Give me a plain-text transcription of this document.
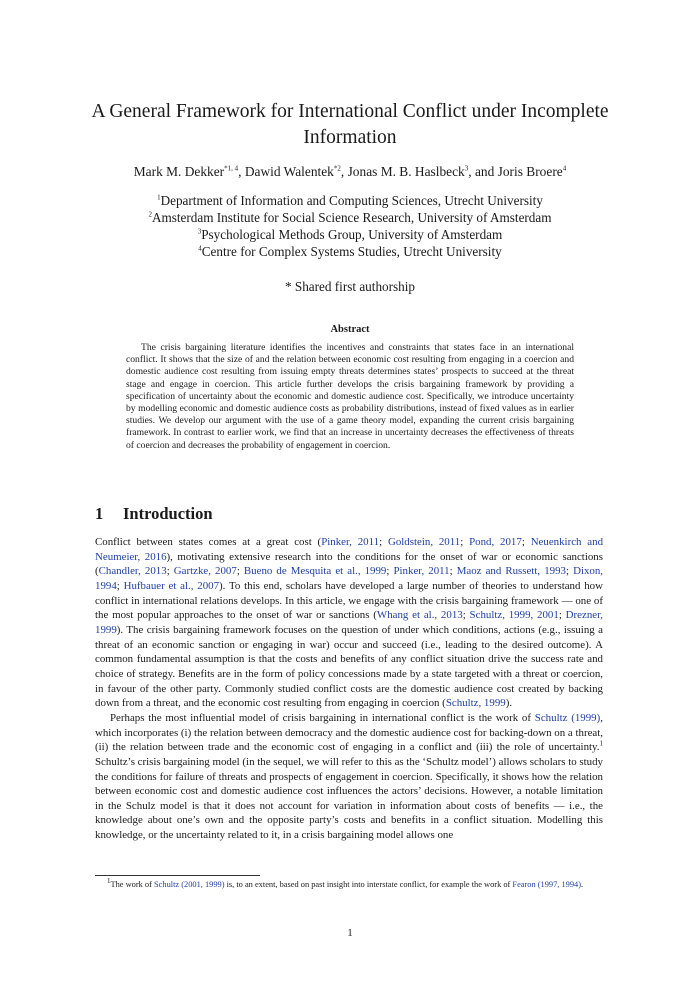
A General Framework for International Conflict under Incomplete Information
Mark M. Dekker$^{*1, 4}$, Dawid Walentek$^{*2}$, Jonas M. B. Haslbeck$^3$, and Joris Broere$^4$
$^1$Department of Information and Computing Sciences, Utrecht University
$^2$Amsterdam Institute for Social Science Research, University of Amsterdam
$^3$Psychological Methods Group, University of Amsterdam
$^4$Centre for Complex Systems Studies, Utrecht University
* Shared first authorship
Abstract
The crisis bargaining literature identifies the incentives and constraints that states face in an international conflict. It shows that the size of and the relation between economic cost resulting from engaging in a coercion and domestic audience cost resulting from issuing empty threats determines states’ prospects to succeed at the threat stage and engage in coercion. This article further develops the crisis bargaining framework by providing a specification of uncertainty about the economic and domestic audience cost. Specifically, we introduce uncertainty by modelling economic and domestic audience costs as probability distributions, instead of fixed values as in earlier studies. We develop our argument with the use of a game theory model, expanding the current crisis bargaining framework. In contrast to earlier work, we find that an increase in uncertainty decreases the effectiveness of threats of coercion and decreases the probability of engagement in coercion.
1 Introduction

Conflict between states comes at a great cost (Pinker, 2011; Goldstein, 2011; Pond, 2017; Neuenkirch and Neumeier, 2016), motivating extensive research into the conditions for the onset of war or economic sanctions (Chandler, 2013; Gartzke, 2007; Bueno de Mesquita et al., 1999; Pinker, 2011; Maoz and Russett, 1993; Dixon, 1994; Hufbauer et al., 2007). To this end, scholars have developed a large number of theories to understand how conflict in international relations develops. In this article, we engage with the crisis bargaining framework — one of the most popular approaches to the onset of war or sanctions (Whang et al., 2013; Schultz, 1999, 2001; Drezner, 1999). The crisis bargaining framework focuses on the question of under which conditions, actions (e.g., issuing a threat of an economic sanction or engaging in war) occur and succeed (i.e., leading to the desired outcome). A common fundamental assumption is that the costs and benefits of any conflict situation drive the success rate and choice of strategy. Benefits are in the form of policy concessions made by a state targeted with a threat or coercion, in favour of the other party. Commonly studied conflict costs are the domestic audience cost created by backing down from a threat, and the economic cost resulting from engaging in coercion (Schultz, 1999).

Perhaps the most influential model of crisis bargaining in international conflict is the work of Schultz (1999), which incorporates (i) the relation between democracy and the domestic audience cost for backing-down on a threat, (ii) the relation between trade and the economic cost of engaging in a conflict and (iii) the role of uncertainty.$^1$ Schultz’s crisis bargaining model (in the sequel, we will refer to this as the ‘Schultz model’) allows scholars to study the conditions for failure of threats and prospects of engagement in coercion. Specifically, it shows how the relation between economic cost and domestic audience cost influences the actors’ decisions. However, a notable limitation in the Schulz model is that it does not account for variation in information about costs of benefits — i.e., the knowledge about one’s own and the opposite party’s costs and benefits in a conflict situation. Modelling this knowledge, or the uncertainty related to it, in a crisis bargaining model allows one

$^1$The work of Schultz (2001, 1999) is, to an extent, based on past insight into interstate conflict, for example the work of Fearon (1997, 1994).
1
